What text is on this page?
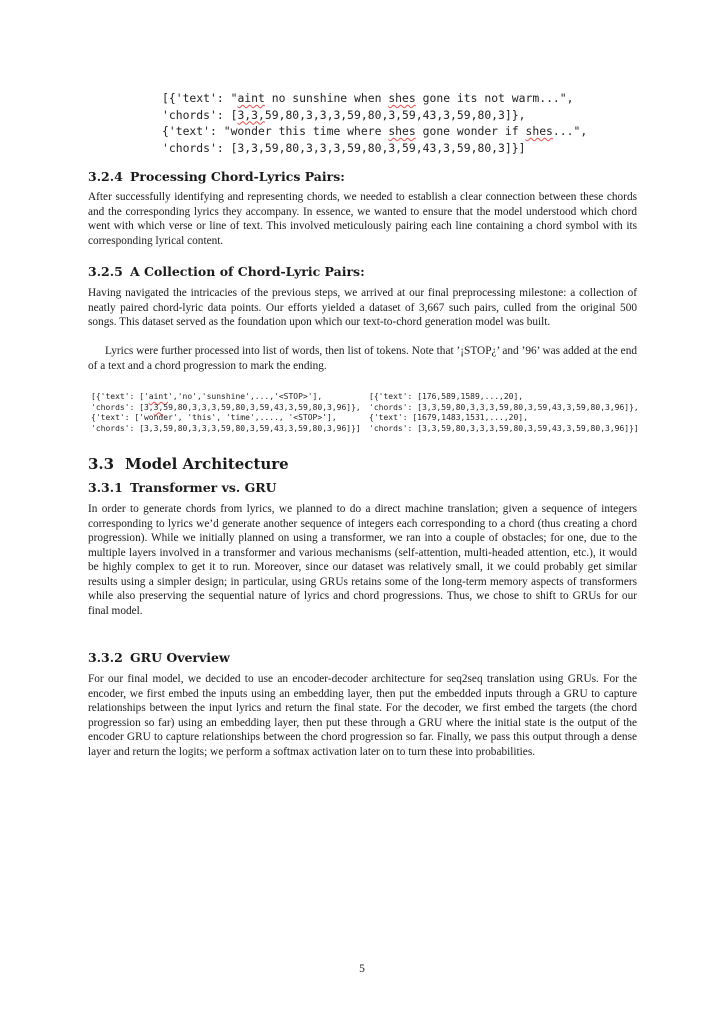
[{'text': "aint no sunshine when shes gone its not warm...",
'chords': [3,3,59,80,3,3,3,59,80,3,59,43,3,59,80,3]},
{'text': "wonder this time where shes gone wonder if shes...",
'chords': [3,3,59,80,3,3,3,59,80,3,59,43,3,59,80,3]}]
3.2.4 Processing Chord-Lyrics Pairs:

After successfully identifying and representing chords, we needed to establish a clear connection between these chords and the corresponding lyrics they accompany. In essence, we wanted to ensure that the model understood which chord went with which verse or line of text. This involved meticulously pairing each line containing a chord symbol with its corresponding lyrical content.

3.2.5 A Collection of Chord-Lyric Pairs:

Having navigated the intricacies of the previous steps, we arrived at our final preprocessing milestone: a collection of neatly paired chord-lyric data points. Our efforts yielded a dataset of 3,667 such pairs, culled from the original 500 songs. This dataset served as the foundation upon which our text-to-chord generation model was built.

Lyrics were further processed into list of words, then list of tokens. Note that ’¡STOP¿’ and ’96’ was added at the end of a text and a chord progression to mark the ending.

[{'text': ['aint','no','sunshine',...,'<STOP>'],
'chords': [3,3,59,80,3,3,3,59,80,3,59,43,3,59,80,3,96]},
{'text': ['wonder', 'this', 'time',...., '<STOP>'],
'chords': [3,3,59,80,3,3,3,59,80,3,59,43,3,59,80,3,96]}]
[{'text': [176,589,1589,...,20],
'chords': [3,3,59,80,3,3,3,59,80,3,59,43,3,59,80,3,96]},
{'text': [1679,1483,1531,...,20],
'chords': [3,3,59,80,3,3,3,59,80,3,59,43,3,59,80,3,96]}]
3.3 Model Architecture
3.3.1 Transformer vs. GRU

In order to generate chords from lyrics, we planned to do a direct machine translation; given a sequence of integers corresponding to lyrics we’d generate another sequence of integers each corresponding to a chord (thus creating a chord progression). While we initially planned on using a transformer, we ran into a couple of obstacles; for one, due to the multiple layers involved in a transformer and various mechanisms (self-attention, multi-headed attention, etc.), it would be highly complex to get it to run. Moreover, since our dataset was relatively small, it we could probably get similar results using a simpler design; in particular, using GRUs retains some of the long-term memory aspects of transformers while also preserving the sequential nature of lyrics and chord progressions. Thus, we chose to shift to GRUs for our final model.

3.3.2 GRU Overview

For our final model, we decided to use an encoder-decoder architecture for seq2seq translation using GRUs. For the encoder, we first embed the inputs using an embedding layer, then put the embedded inputs through a GRU to capture relationships between the input lyrics and return the final state. For the decoder, we first embed the targets (the chord progression so far) using an embedding layer, then put these through a GRU where the initial state is the output of the encoder GRU to capture relationships between the chord progression so far. Finally, we pass this output through a dense layer and return the logits; we perform a softmax activation later on to turn these into probabilities.

5
